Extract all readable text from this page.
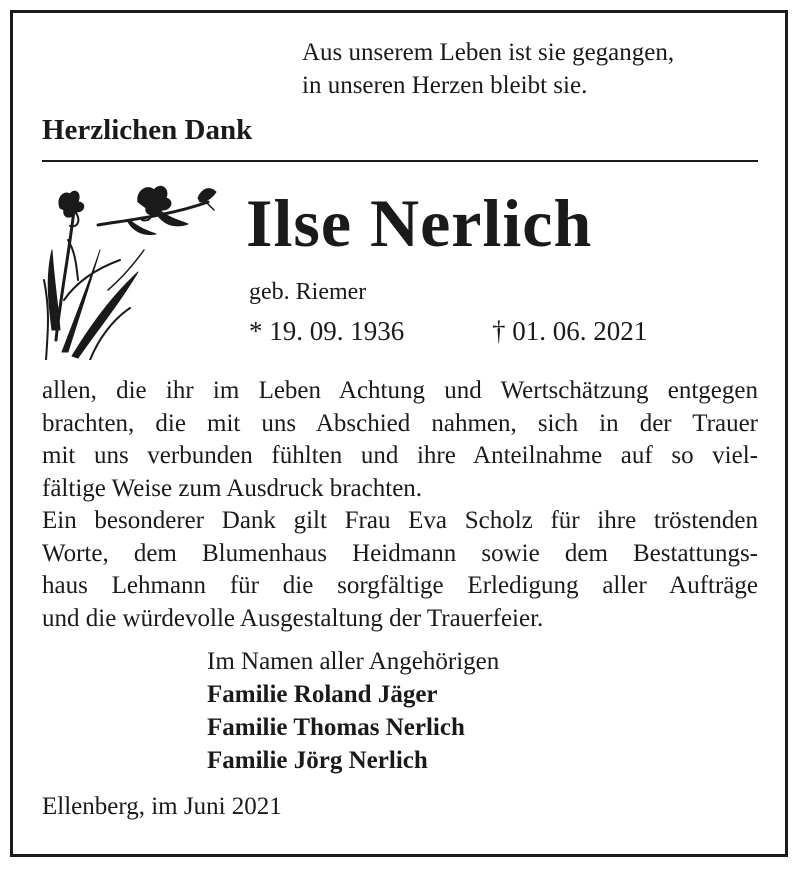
Aus unserem Leben ist sie gegangen,
in unseren Herzen bleibt sie.
Herzlichen Dank
Ilse Nerlich
geb. Riemer
* 19. 09. 1936	† 01. 06. 2021
allen, die ihr im Leben Achtung und Wertschätzung entgegen
brachten, die mit uns Abschied nahmen, sich in der Trauer
mit uns verbunden fühlten und ihre Anteilnahme auf so viel-
fältige Weise zum Ausdruck brachten.
Ein besonderer Dank gilt Frau Eva Scholz für ihre tröstenden
Worte, dem Blumenhaus Heidmann sowie dem Bestattungs-
haus Lehmann für die sorgfältige Erledigung aller Aufträge
und die würdevolle Ausgestaltung der Trauerfeier.
Im Namen aller Angehörigen
Familie Roland Jäger
Familie Thomas Nerlich
Familie Jörg Nerlich
Ellenberg, im Juni 2021
